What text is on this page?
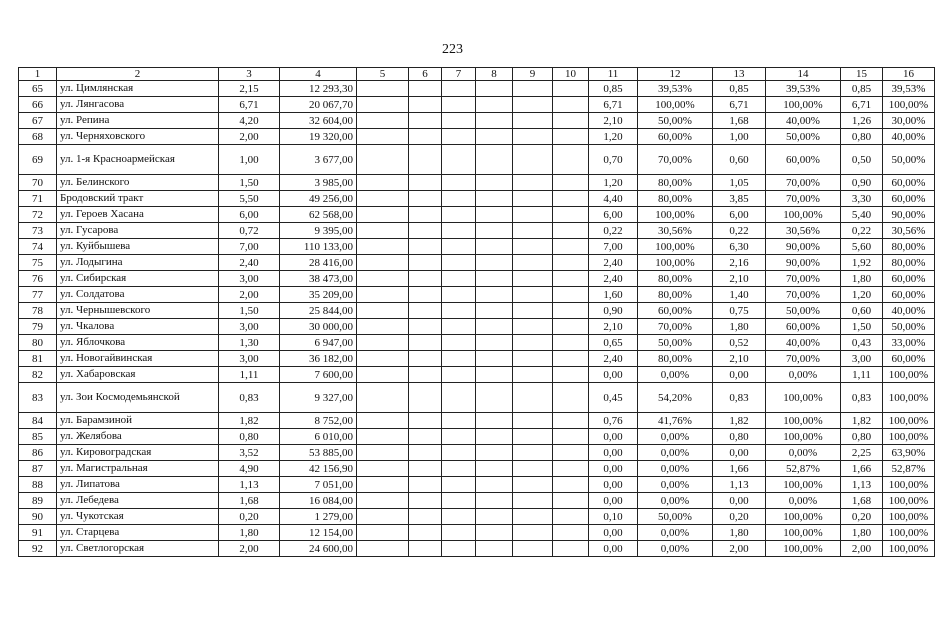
223
1	2	3	4	5	6	7	8	9	10	11	12	13	14	15	16
65	ул. Цимлянская	2,15	12 293,30							0,85	39,53%	0,85	39,53%	0,85	39,53%
66	ул. Лянгасова	6,71	20 067,70							6,71	100,00%	6,71	100,00%	6,71	100,00%
67	ул. Репина	4,20	32 604,00							2,10	50,00%	1,68	40,00%	1,26	30,00%
68	ул. Черняховского	2,00	19 320,00							1,20	60,00%	1,00	50,00%	0,80	40,00%
69	ул. 1-я Красноармейская	1,00	3 677,00							0,70	70,00%	0,60	60,00%	0,50	50,00%
70	ул. Белинского	1,50	3 985,00							1,20	80,00%	1,05	70,00%	0,90	60,00%
71	Бродовский тракт	5,50	49 256,00							4,40	80,00%	3,85	70,00%	3,30	60,00%
72	ул. Героев Хасана	6,00	62 568,00							6,00	100,00%	6,00	100,00%	5,40	90,00%
73	ул. Гусарова	0,72	9 395,00							0,22	30,56%	0,22	30,56%	0,22	30,56%
74	ул. Куйбышева	7,00	110 133,00							7,00	100,00%	6,30	90,00%	5,60	80,00%
75	ул. Лодыгина	2,40	28 416,00							2,40	100,00%	2,16	90,00%	1,92	80,00%
76	ул. Сибирская	3,00	38 473,00							2,40	80,00%	2,10	70,00%	1,80	60,00%
77	ул. Солдатова	2,00	35 209,00							1,60	80,00%	1,40	70,00%	1,20	60,00%
78	ул. Чернышевского	1,50	25 844,00							0,90	60,00%	0,75	50,00%	0,60	40,00%
79	ул. Чкалова	3,00	30 000,00							2,10	70,00%	1,80	60,00%	1,50	50,00%
80	ул. Яблочкова	1,30	6 947,00							0,65	50,00%	0,52	40,00%	0,43	33,00%
81	ул. Новогайвинская	3,00	36 182,00							2,40	80,00%	2,10	70,00%	3,00	60,00%
82	ул. Хабаровская	1,11	7 600,00							0,00	0,00%	0,00	0,00%	1,11	100,00%
83	ул. Зои Космодемьянской	0,83	9 327,00							0,45	54,20%	0,83	100,00%	0,83	100,00%
84	ул. Барамзиной	1,82	8 752,00							0,76	41,76%	1,82	100,00%	1,82	100,00%
85	ул. Желябова	0,80	6 010,00							0,00	0,00%	0,80	100,00%	0,80	100,00%
86	ул. Кировоградская	3,52	53 885,00							0,00	0,00%	0,00	0,00%	2,25	63,90%
87	ул. Магистральная	4,90	42 156,90							0,00	0,00%	1,66	52,87%	1,66	52,87%
88	ул. Липатова	1,13	7 051,00							0,00	0,00%	1,13	100,00%	1,13	100,00%
89	ул. Лебедева	1,68	16 084,00							0,00	0,00%	0,00	0,00%	1,68	100,00%
90	ул. Чукотская	0,20	1 279,00							0,10	50,00%	0,20	100,00%	0,20	100,00%
91	ул. Старцева	1,80	12 154,00							0,00	0,00%	1,80	100,00%	1,80	100,00%
92	ул. Светлогорская	2,00	24 600,00							0,00	0,00%	2,00	100,00%	2,00	100,00%
